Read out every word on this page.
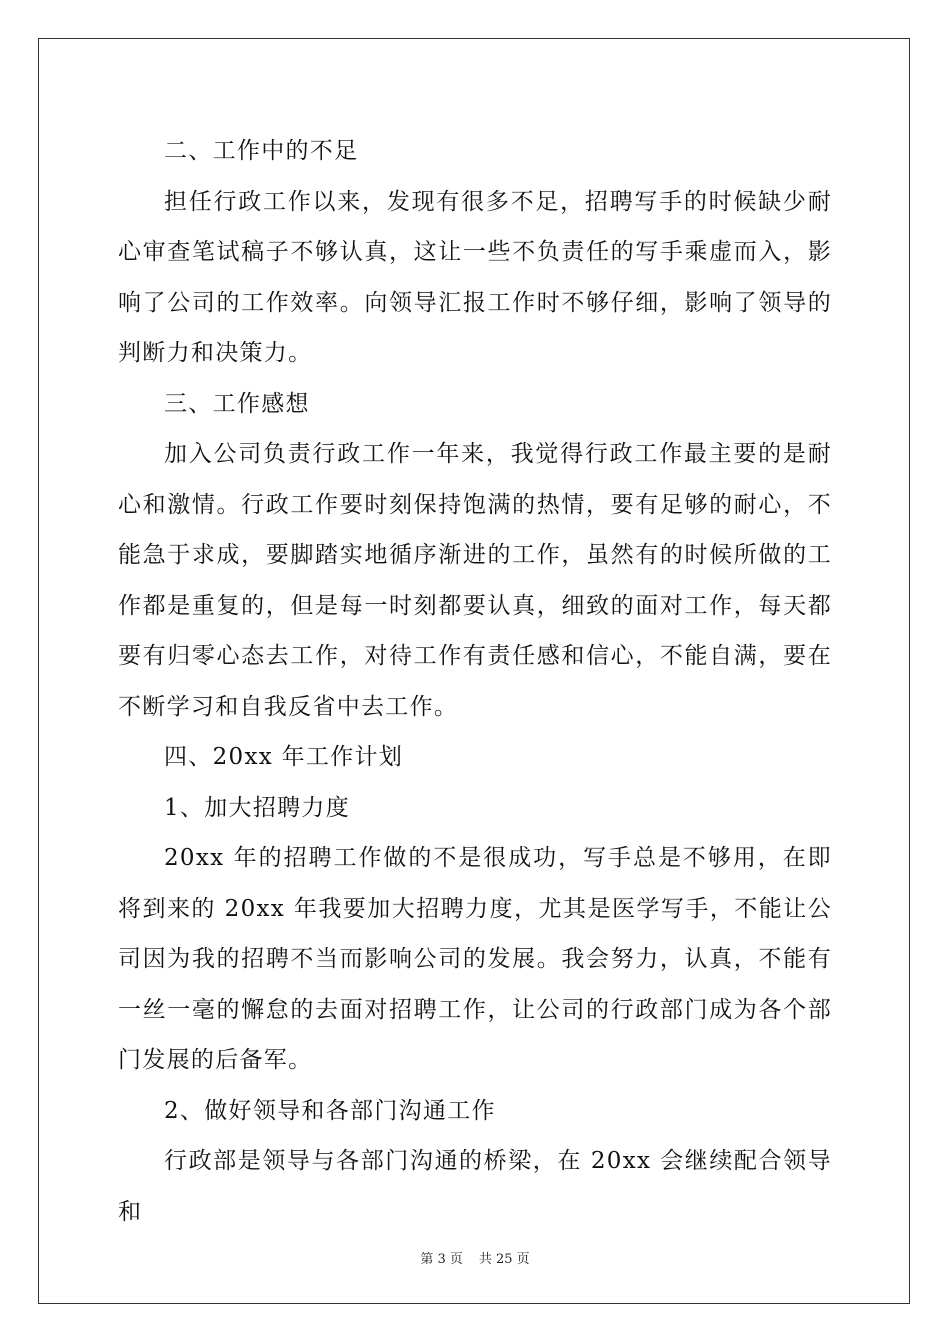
二、工作中的不足

担任行政工作以来，发现有很多不足，招聘写手的时候缺少耐心审查笔试稿子不够认真，这让一些不负责任的写手乘虚而入，影响了公司的工作效率。向领导汇报工作时不够仔细，影响了领导的判断力和决策力。

三、工作感想

加入公司负责行政工作一年来，我觉得行政工作最主要的是耐心和激情。行政工作要时刻保持饱满的热情，要有足够的耐心，不能急于求成，要脚踏实地循序渐进的工作，虽然有的时候所做的工作都是重复的，但是每一时刻都要认真，细致的面对工作，每天都要有归零心态去工作，对待工作有责任感和信心，不能自满，要在不断学习和自我反省中去工作。

四、20xx 年工作计划

1、加大招聘力度

20xx 年的招聘工作做的不是很成功，写手总是不够用，在即将到来的 20xx 年我要加大招聘力度，尤其是医学写手，不能让公司因为我的招聘不当而影响公司的发展。我会努力，认真，不能有一丝一毫的懈怠的去面对招聘工作，让公司的行政部门成为各个部门发展的后备军。

2、做好领导和各部门沟通工作

行政部是领导与各部门沟通的桥梁，在 20xx 会继续配合领导和

第 3 页 共 25 页
